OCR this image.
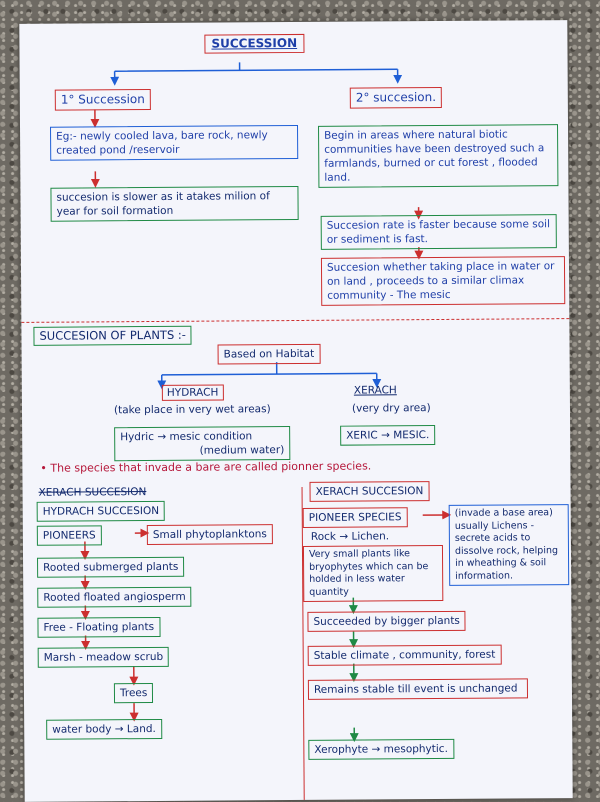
SUCCESSION
1° Succession
Eg:- newly cooled lava, bare rock, newly created pond /reservoir
succesion is slower as it atakes milion of year for soil formation
2° succesion.
Begin in areas where natural biotic communities have been destroyed such a farmlands, burned or cut forest , flooded land.
Succesion rate is faster because some soil or sediment is fast.
Succesion whether taking place in water or on land , proceeds to a similar climax community - The mesic
SUCCESION OF PLANTS :-
Based on Habitat
HYDRACH
(take place in very wet areas)
XERACH
(very dry area)
Hydric → mesic condition
(medium water)
XERIC → MESIC.
• The species that invade a bare are called pionner species.
XERACH SUCCESION
HYDRACH SUCCESION
PIONEERS	Small phytoplanktons
Rooted submerged plants
Rooted floated angiosperm
Free - Floating plants
Marsh - meadow scrub
Trees
water body → Land.
XERACH SUCCESION
PIONEER SPECIES	(invade a base area) usually Lichens - secrete acids to dissolve rock, helping in wheathing & soil information.
Rock → Lichen.
Very small plants like bryophytes which can be holded in less water quantity
Succeeded by bigger plants
Stable climate , community, forest
Remains stable till event is unchanged
Xerophyte → mesophytic.
